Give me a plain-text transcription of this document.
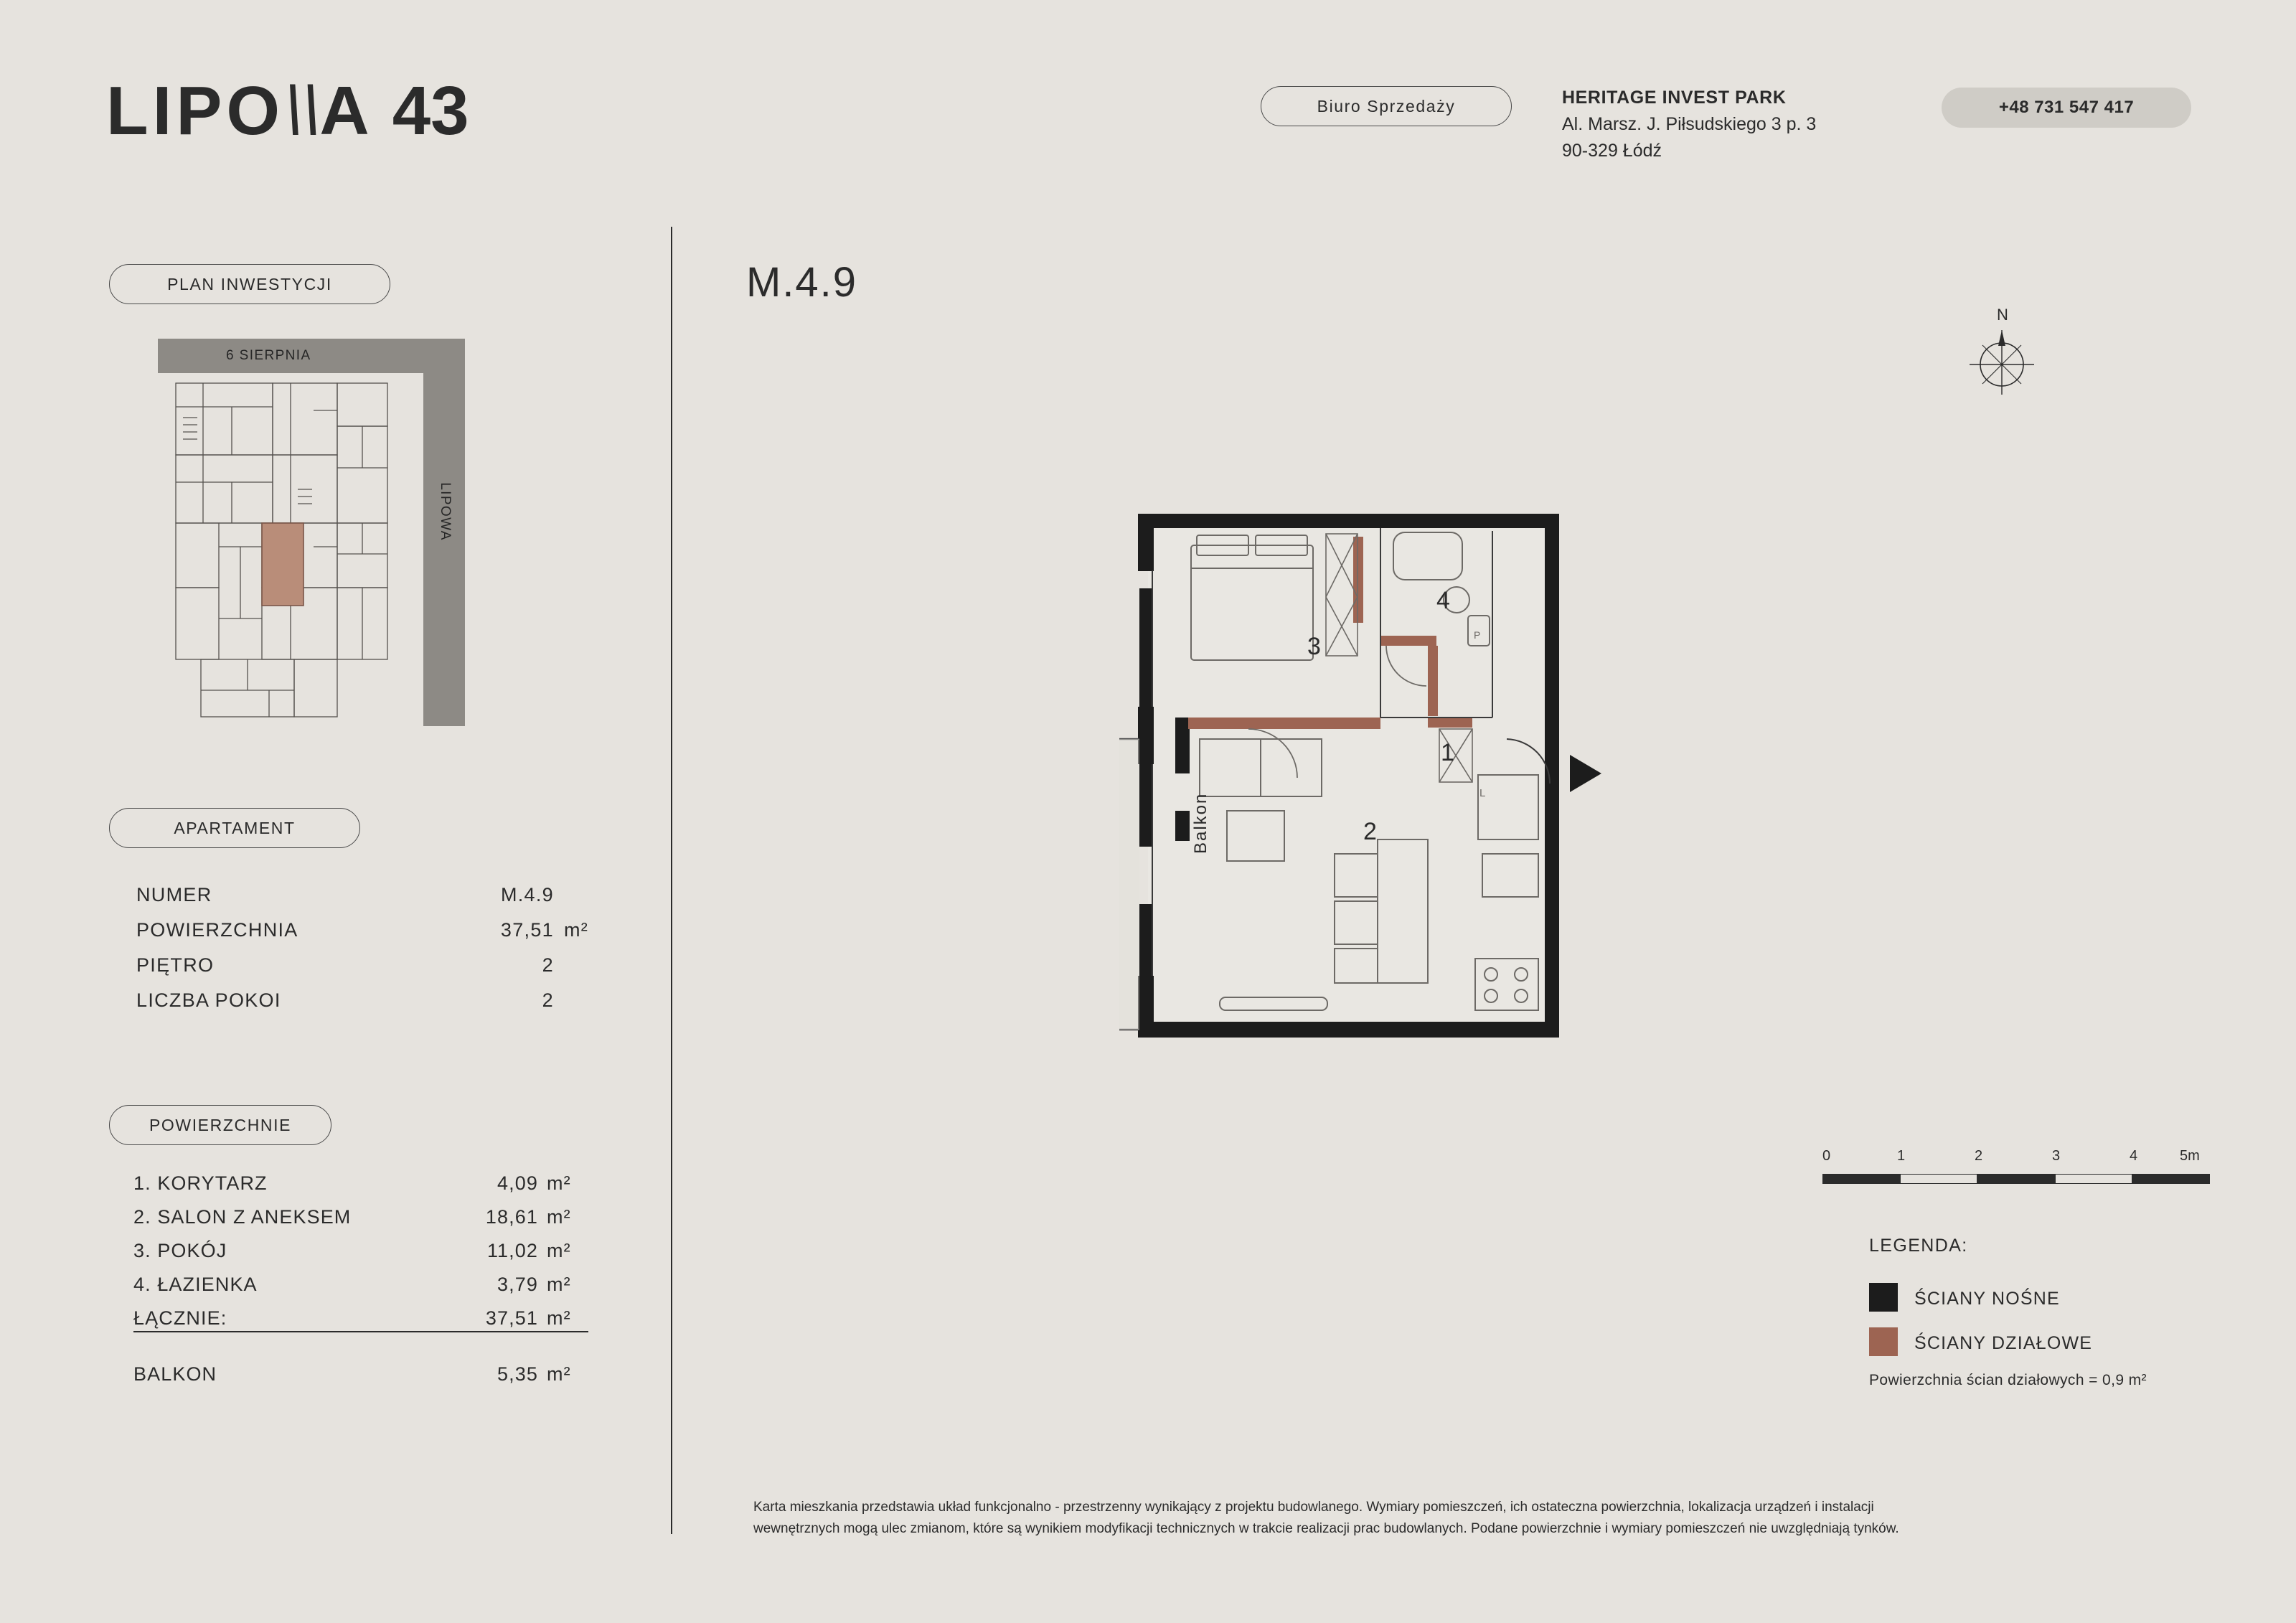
LIPO\\A 43	Biuro Sprzedaży	HERITAGE INVEST PARK
Al. Marsz. J. Piłsudskiego 3 p. 3
90-329 Łódź
+48 731 547 417
M.4.9
PLAN INWESTYCJI
6 SIERPNIA
LIPOWA
APARTAMENT
NUMER	M.4.9
POWIERZCHNIA	37,51 m²
PIĘTRO	2
LICZBA POKOI	2
POWIERZCHNIE
1. KORYTARZ	4,09 m²
2. SALON Z ANEKSEM	18,61 m²
3. POKÓJ	11,02 m²
4. ŁAZIENKA	3,79 m²
ŁĄCZNIE:	37,51 m²
BALKON	5,35 m²
N
P
L
3
4
1
2
Balkon
0	1	2	3	4	5m
LEGENDA:
ŚCIANY NOŚNE
ŚCIANY DZIAŁOWE
Powierzchnia ścian działowych = 0,9 m²
Karta mieszkania przedstawia układ funkcjonalno - przestrzenny wynikający z projektu budowlanego. Wymiary pomieszczeń, ich ostateczna powierzchnia, lokalizacja urządzeń i instalacji
wewnętrznych mogą ulec zmianom, które są wynikiem modyfikacji technicznych w trakcie realizacji prac budowlanych. Podane powierzchnie i wymiary pomieszczeń nie uwzględniają tynków.
